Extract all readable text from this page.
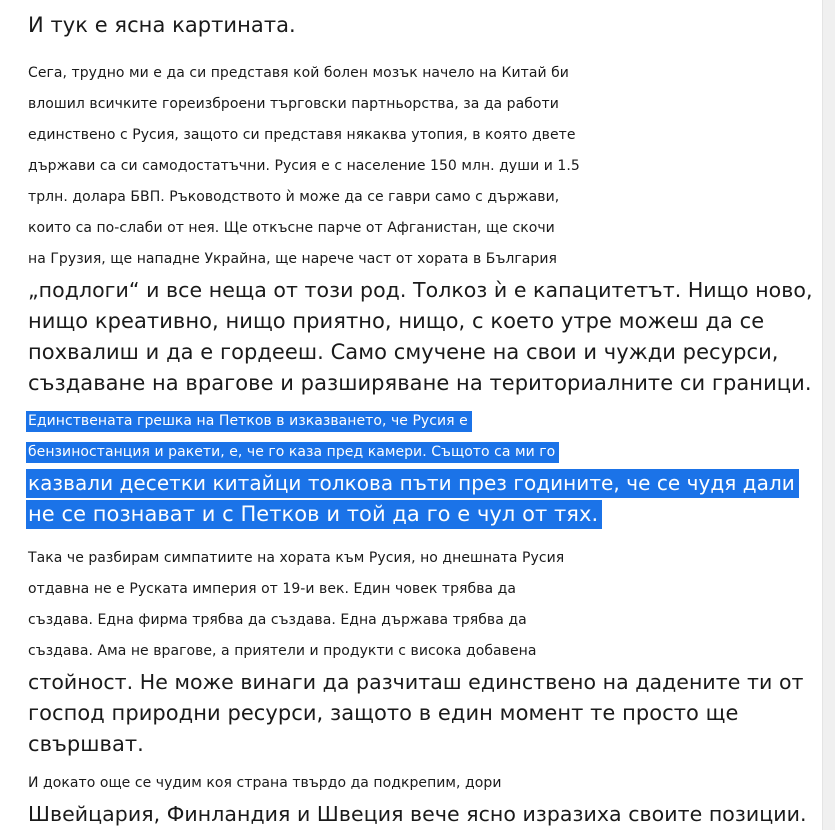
И тук е ясна картината.

Сега, трудно ми е да си представя кой болен мозък начело на Китай би
влошил всичките гореизброени търговски партньорства, за да работи
единствено с Русия, защото си представя някаква утопия, в която двете
държави са си самодостатъчни. Русия е с население 150 млн. души и 1.5
трлн. долара БВП. Ръководството ѝ може да се гаври само с държави,
които са по-слаби от нея. Ще откъсне парче от Афганистан, ще скочи
на Грузия, ще нападне Украйна, ще нарече част от хората в България
„подлоги“ и все неща от този род. Толкоз ѝ е капацитетът. Нищо ново,
нищо креативно, нищо приятно, нищо, с което утре можеш да се
похвалиш и да е гордееш. Само смучене на свои и чужди ресурси,
създаване на врагове и разширяване на териториалните си граници.

Единствената грешка на Петков в изказването, че Русия е
бензиностанция и ракети, е, че го каза пред камери. Същото са ми го
казвали десетки китайци толкова пъти през годините, че се чудя дали
не се познават и с Петков и той да го е чул от тях.

Така че разбирам симпатиите на хората към Русия, но днешната Русия
отдавна не е Руската империя от 19-и век. Един човек трябва да
създава. Една фирма трябва да създава. Една държава трябва да
създава. Ама не врагове, а приятели и продукти с висока добавена
стойност. Не може винаги да разчиташ единствено на дадените ти от
господ природни ресурси, защото в един момент те просто ще
свършват.

И докато още се чудим коя страна твърдо да подкрепим, дори
Швейцария, Финландия и Швеция вече ясно изразиха своите позиции.
